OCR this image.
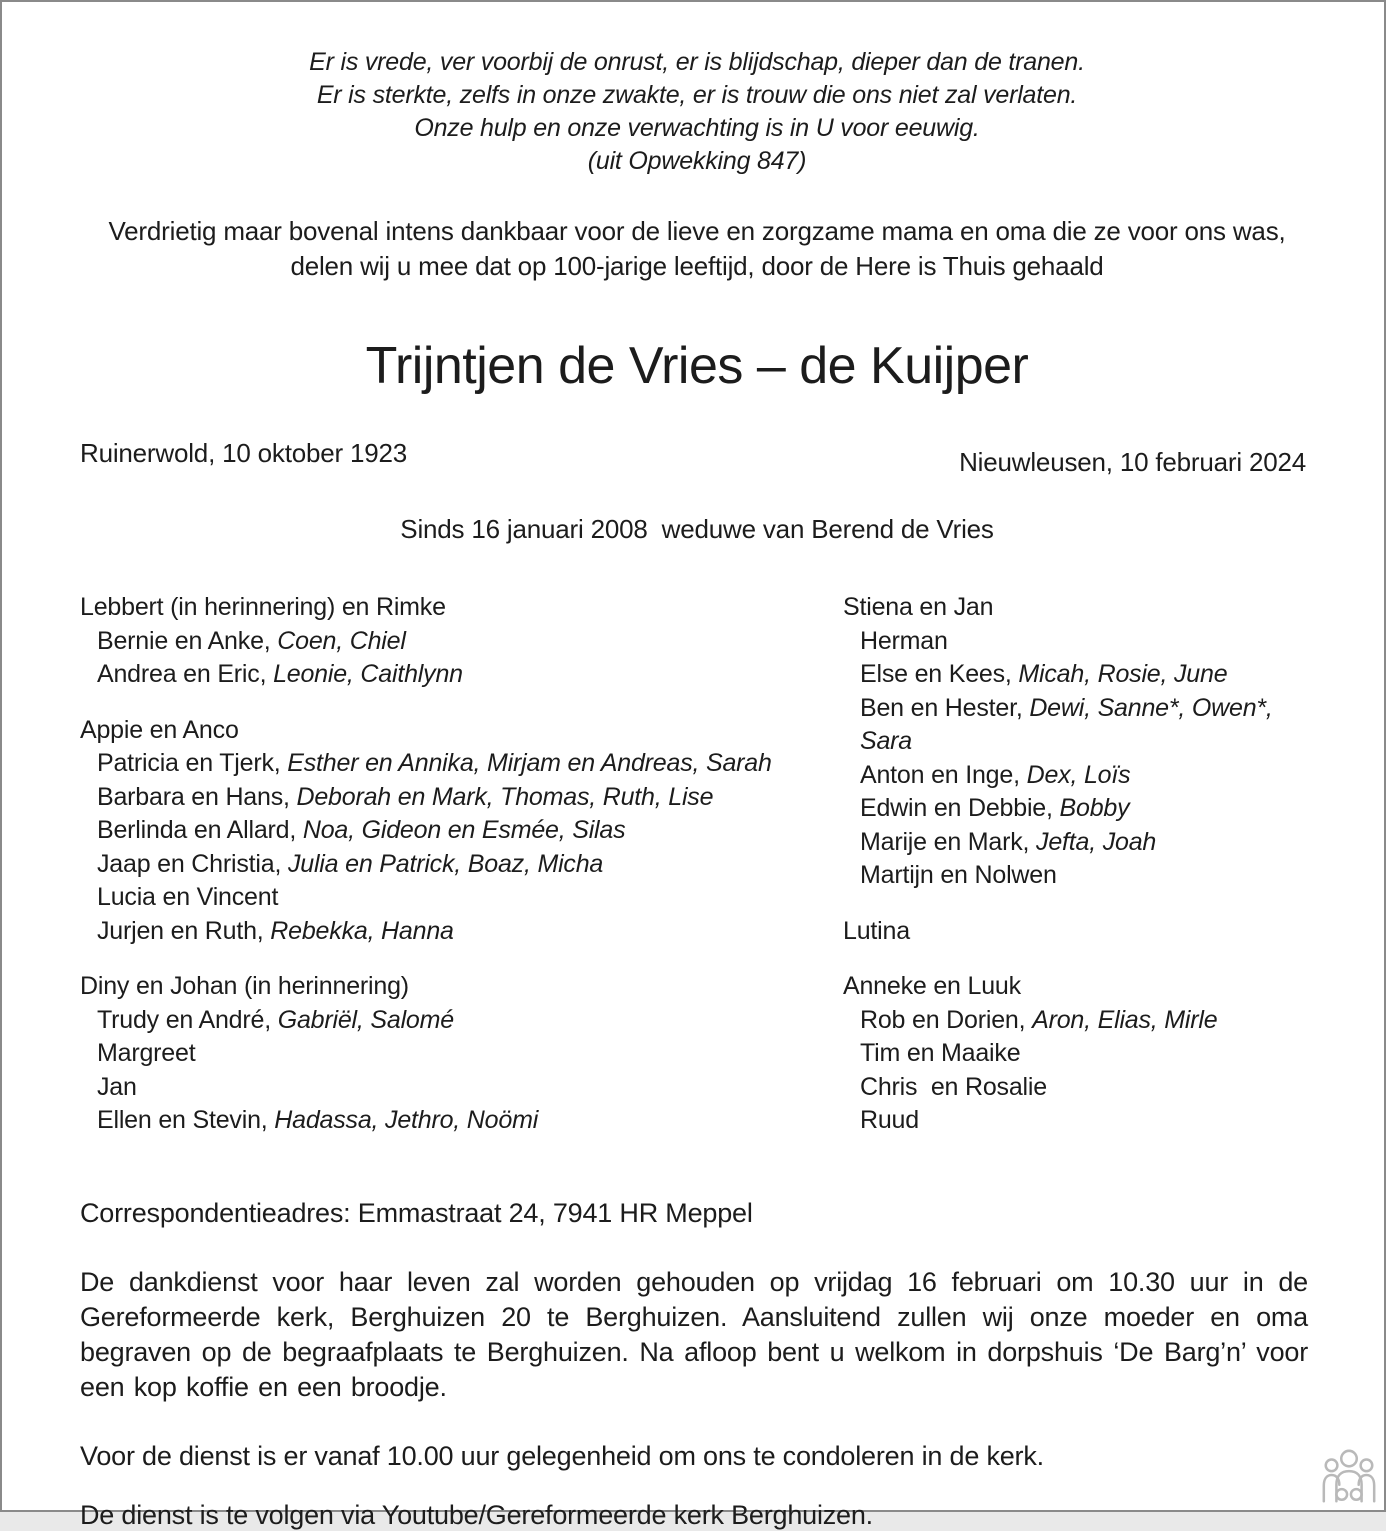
Er is vrede, ver voorbij de onrust, er is blijdschap, dieper dan de tranen.
Er is sterkte, zelfs in onze zwakte, er is trouw die ons niet zal verlaten.
Onze hulp en onze verwachting is in U voor eeuwig.
(uit Opwekking 847)
Verdrietig maar bovenal intens dankbaar voor de lieve en zorgzame mama en oma die ze voor ons was,
delen wij u mee dat op 100-jarige leeftijd, door de Here is Thuis gehaald
Trijntjen de Vries – de Kuijper
Ruinerwold, 10 oktober 1923	Nieuwleusen, 10 februari 2024
Sinds 16 januari 2008  weduwe van Berend de Vries
Lebbert (in herinnering) en Rimke
Bernie en Anke, Coen, Chiel
Andrea en Eric, Leonie, Caithlynn
Appie en Anco
Patricia en Tjerk, Esther en Annika, Mirjam en Andreas, Sarah
Barbara en Hans, Deborah en Mark, Thomas, Ruth, Lise
Berlinda en Allard, Noa, Gideon en Esmée, Silas
Jaap en Christia, Julia en Patrick, Boaz, Micha
Lucia en Vincent
Jurjen en Ruth, Rebekka, Hanna
Diny en Johan (in herinnering)
Trudy en André, Gabriël, Salomé
Margreet
Jan
Ellen en Stevin, Hadassa, Jethro, Noömi
Stiena en Jan
Herman
Else en Kees, Micah, Rosie, June
Ben en Hester, Dewi, Sanne*, Owen*, Sara
Anton en Inge, Dex, Loïs
Edwin en Debbie, Bobby
Marije en Mark, Jefta, Joah
Martijn en Nolwen
Lutina
Anneke en Luuk
Rob en Dorien, Aron, Elias, Mirle
Tim en Maaike
Chris  en Rosalie
Ruud
Correspondentieadres: Emmastraat 24, 7941 HR Meppel
De dankdienst voor haar leven zal worden gehouden op vrijdag 16 februari om 10.30 uur in de Gereformeerde kerk, Berghuizen 20 te Berghuizen. Aansluitend zullen wij onze moeder en oma begraven op de begraafplaats te Berghuizen. Na afloop bent u welkom in dorpshuis ‘De Barg’n’ voor een kop koffie en een broodje.
Voor de dienst is er vanaf 10.00 uur gelegenheid om ons te condoleren in de kerk.
De dienst is te volgen via Youtube/Gereformeerde kerk Berghuizen.
